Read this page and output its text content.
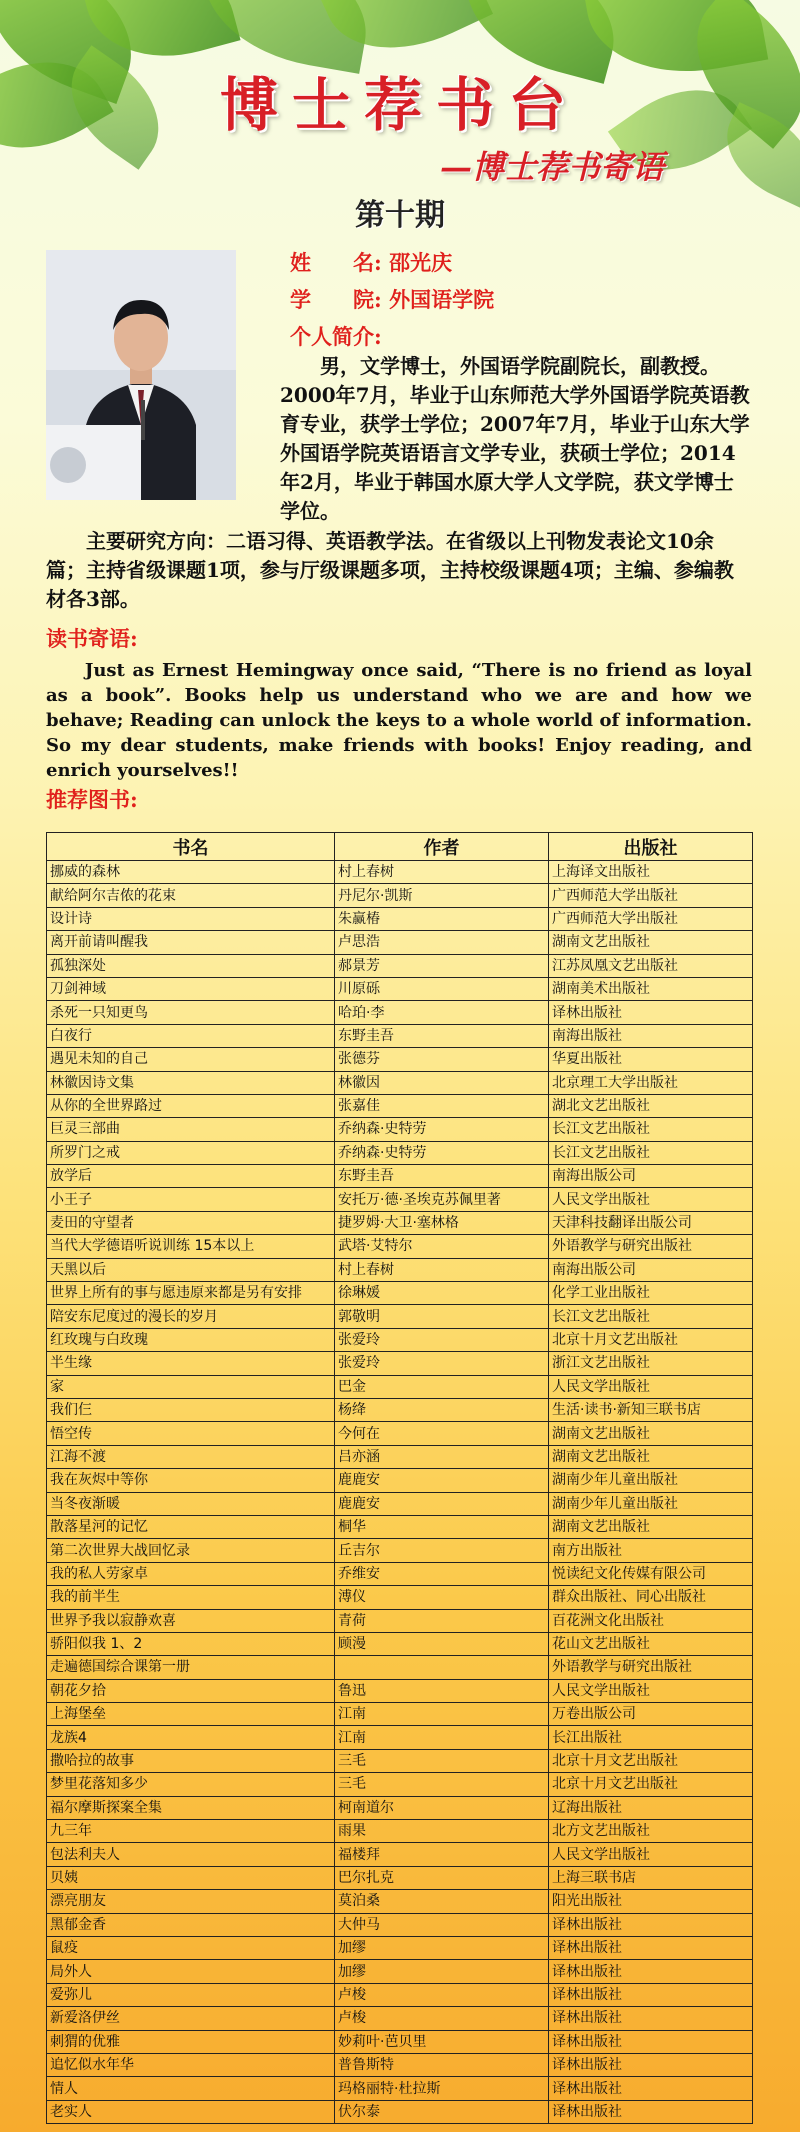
博士荐书台
—博士荐书寄语
第十期
姓　　名: 邵光庆
学　　院: 外国语学院
个人简介:
　　男，文学博士，外国语学院副院长，副教授。2000年7月，毕业于山东师范大学外国语学院英语教育专业，获学士学位；2007年7月，毕业于山东大学外国语学院英语语言文学专业，获硕士学位；2014年2月，毕业于韩国水原大学人文学院，获文学博士学位。
　　主要研究方向：二语习得、英语教学法。在省级以上刊物发表论文10余篇；主持省级课题1项，参与厅级课题多项，主持校级课题4项；主编、参编教材各3部。
读书寄语:
　　Just as Ernest Hemingway once said, “There is no friend as loyal as a book”. Books help us understand who we are and how we behave; Reading can unlock the keys to a whole world of information. So my dear students, make friends with books! Enjoy reading, and enrich yourselves!!
推荐图书:
书名	作者	出版社
挪威的森林	村上春树	上海译文出版社
献给阿尔吉侬的花束	丹尼尔·凯斯	广西师范大学出版社
设计诗	朱赢椿	广西师范大学出版社
离开前请叫醒我	卢思浩	湖南文艺出版社
孤独深处	郝景芳	江苏凤凰文艺出版社
刀剑神域	川原砾	湖南美术出版社
杀死一只知更鸟	哈珀·李	译林出版社
白夜行	东野圭吾	南海出版社
遇见未知的自己	张德芬	华夏出版社
林徽因诗文集	林徽因	北京理工大学出版社
从你的全世界路过	张嘉佳	湖北文艺出版社
巨灵三部曲	乔纳森·史特劳	长江文艺出版社
所罗门之戒	乔纳森·史特劳	长江文艺出版社
放学后	东野圭吾	南海出版公司
小王子	安托万·德·圣埃克苏佩里著	人民文学出版社
麦田的守望者	捷罗姆·大卫·塞林格	天津科技翻译出版公司
当代大学德语听说训练 15本以上	武塔·艾特尔	外语教学与研究出版社
天黑以后	村上春树	南海出版公司
世界上所有的事与愿违原来都是另有安排	徐琳媛	化学工业出版社
陪安东尼度过的漫长的岁月	郭敬明	长江文艺出版社
红玫瑰与白玫瑰	张爱玲	北京十月文艺出版社
半生缘	张爱玲	浙江文艺出版社
家	巴金	人民文学出版社
我们仨	杨绛	生活·读书·新知三联书店
悟空传	今何在	湖南文艺出版社
江海不渡	吕亦涵	湖南文艺出版社
我在灰烬中等你	鹿鹿安	湖南少年儿童出版社
当冬夜渐暖	鹿鹿安	湖南少年儿童出版社
散落星河的记忆	桐华	湖南文艺出版社
第二次世界大战回忆录	丘吉尔	南方出版社
我的私人劳家卓	乔维安	悦读纪文化传媒有限公司
我的前半生	溥仪	群众出版社、同心出版社
世界予我以寂静欢喜	青荷	百花洲文化出版社
骄阳似我 1、2	顾漫	花山文艺出版社
走遍德国综合课第一册		外语教学与研究出版社
朝花夕拾	鲁迅	人民文学出版社
上海堡垒	江南	万卷出版公司
龙族4	江南	长江出版社
撒哈拉的故事	三毛	北京十月文艺出版社
梦里花落知多少	三毛	北京十月文艺出版社
福尔摩斯探案全集	柯南道尔	辽海出版社
九三年	雨果	北方文艺出版社
包法利夫人	福楼拜	人民文学出版社
贝姨	巴尔扎克	上海三联书店
漂亮朋友	莫泊桑	阳光出版社
黑郁金香	大仲马	译林出版社
鼠疫	加缪	译林出版社
局外人	加缪	译林出版社
爱弥儿	卢梭	译林出版社
新爱洛伊丝	卢梭	译林出版社
刺猬的优雅	妙莉叶·芭贝里	译林出版社
追忆似水年华	普鲁斯特	译林出版社
情人	玛格丽特·杜拉斯	译林出版社
老实人	伏尔泰	译林出版社
